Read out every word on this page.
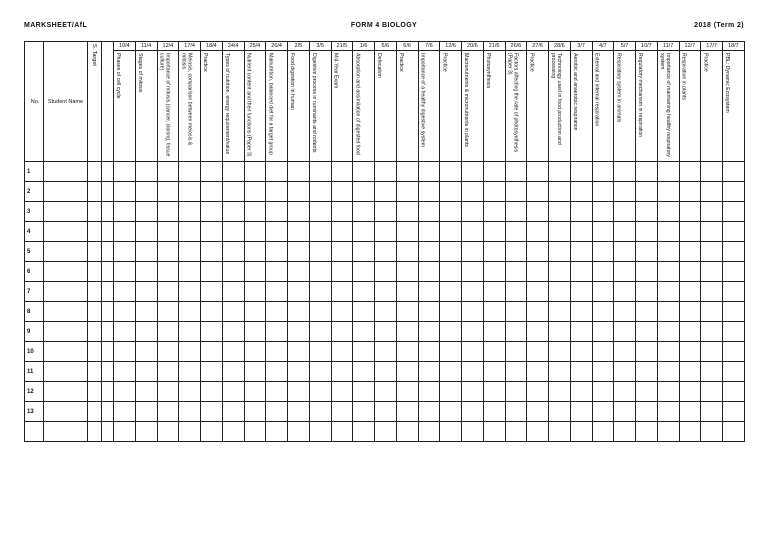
MARKSHEET/AfL	FORM 4 BIOLOGY	2018 (Term 2)
No.	Student Name	S. Target		10/4	11/4	12/4	17/4	18/4	24/4	25/4	26/4	2/5	3/5	21/5	1/6	5/6	6/6	7/6	12/6	20/6	21/6	26/6	27/6	28/6	3/7	4/7	5/7	10/7	11/7	12/7	17/7	18/7

				Phases of cell cycle	Stages of mitosis	Importance of mitosis (cancer, cloning, tissue culture)	Meiosis, comparison between meiosis & mitosis	Practice	Types of nutrition, energy requirement/value	Nutrient content and their functions (Paper 3)	Malnutrition, balanced diet for a target group	Food digestion in human	Digestive process in ruminants and rodents	Mid-Year Exam	Absorption and assimilation of digested food	Defecation	Practice	Importance of a healthy digestive system	Practice	Macronutrients & micronutrients in plants	Photosynthesis	Factors affecting the rate of photosynthesis (Paper 3)	Practice	Technology used in food production and processing	Aerobic and anaerobic respiration	External and internal respiration	Respiratory system in animals	Regulatory mechanism in respiration	Importance of maintaining healthy respiratory system	Respiration in plants	Practice	PBL: Dynamic Ecosystem

1																																
2																																
3																																
4																																
5																																
6																																
7																																
8																																
9																																
10																																
11																																
12																																
13																																
